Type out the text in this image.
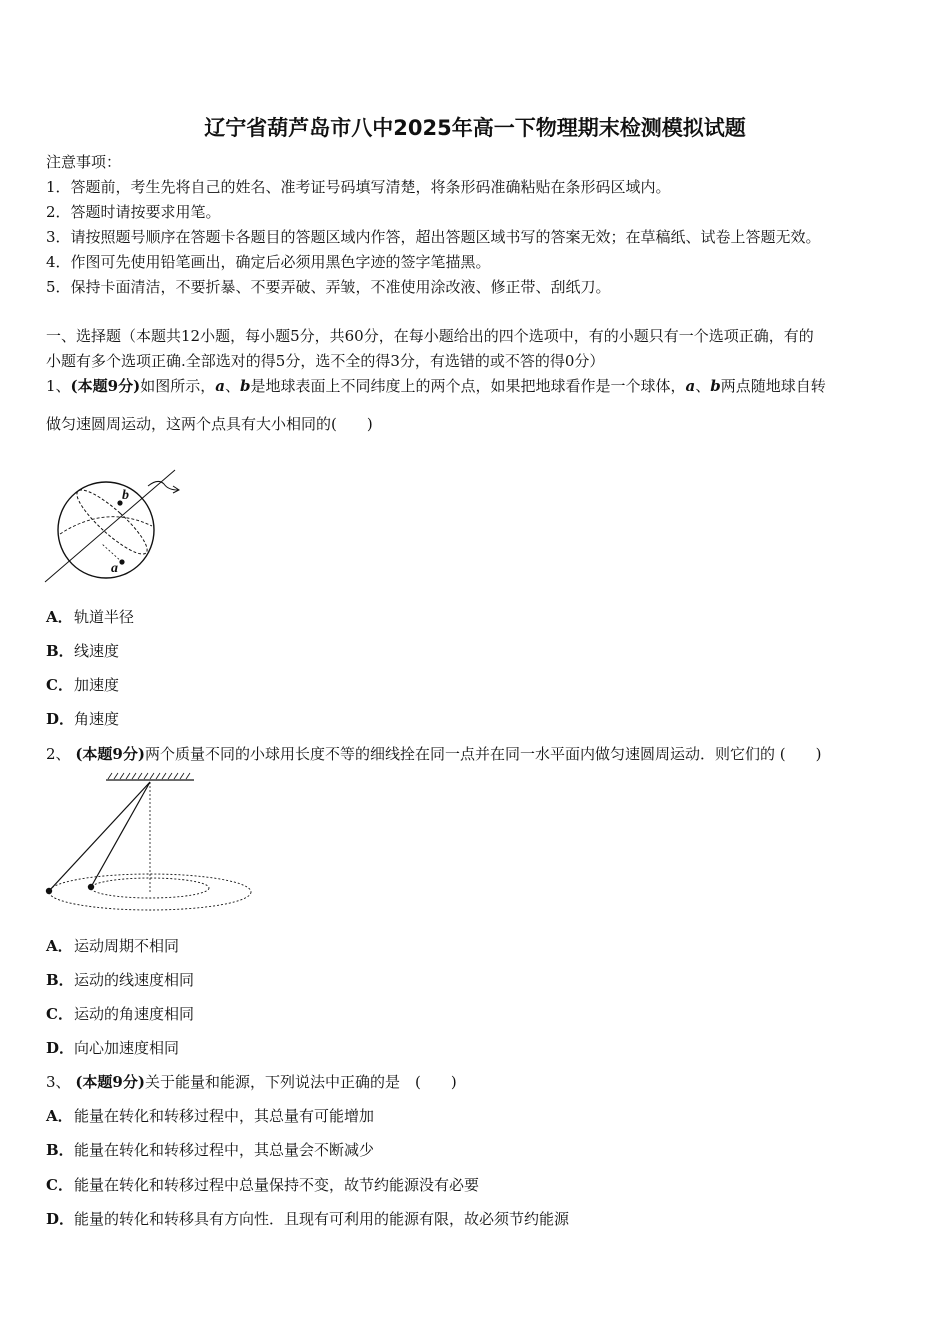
辽宁省葫芦岛市八中2025年高一下物理期末检测模拟试题
注意事项：
1．答题前，考生先将自己的姓名、准考证号码填写清楚，将条形码准确粘贴在条形码区域内。
2．答题时请按要求用笔。
3．请按照题号顺序在答题卡各题目的答题区域内作答，超出答题区域书写的答案无效；在草稿纸、试卷上答题无效。
4．作图可先使用铅笔画出，确定后必须用黑色字迹的签字笔描黑。
5．保持卡面清洁，不要折暴、不要弄破、弄皱，不准使用涂改液、修正带、刮纸刀。
一、选择题（本题共12小题，每小题5分，共60分，在每小题给出的四个选项中，有的小题只有一个选项正确，有的
小题有多个选项正确.全部选对的得5分，选不全的得3分，有选错的或不答的得0分）
1、(本题9分)如图所示，a、b是地球表面上不同纬度上的两个点，如果把地球看作是一个球体，a、b两点随地球自转
做匀速圆周运动，这两个点具有大小相同的(　　)
b
a
A．轨道半径
B．线速度
C．加速度
D．角速度
2、 (本题9分)两个质量不同的小球用长度不等的细线拴在同一点并在同一水平面内做匀速圆周运动．则它们的 (　　)
A．运动周期不相同
B．运动的线速度相同
C．运动的角速度相同
D．向心加速度相同
3、 (本题9分)关于能量和能源，下列说法中正确的是　(　　)
A．能量在转化和转移过程中，其总量有可能增加
B．能量在转化和转移过程中，其总量会不断减少
C．能量在转化和转移过程中总量保持不变，故节约能源没有必要
D．能量的转化和转移具有方向性．且现有可利用的能源有限，故必须节约能源
